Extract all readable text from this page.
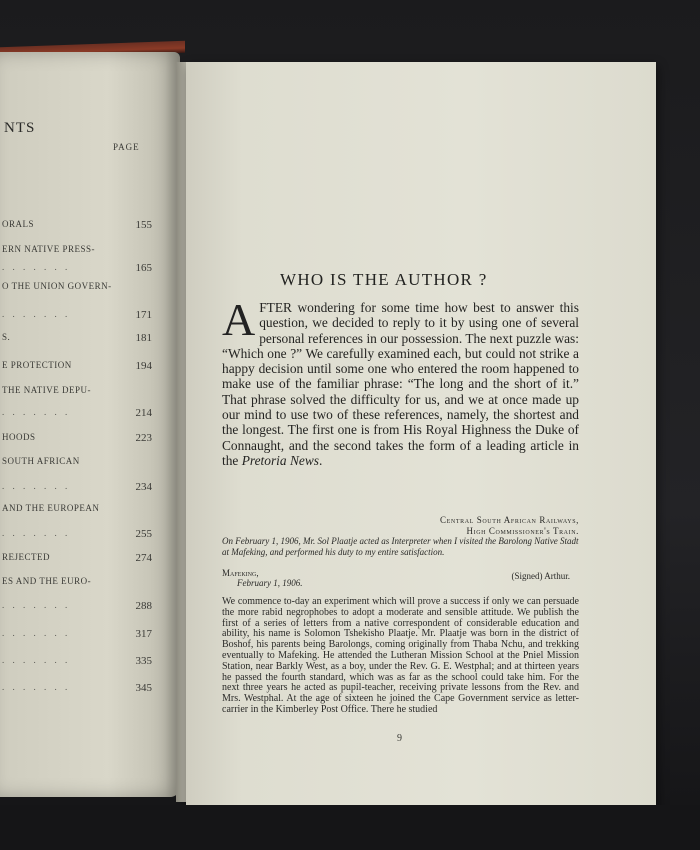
NTS
PAGE
ORALS	155
ERN NATIVE PRESS-
. . . . . . .	165
O THE UNION GOVERN-
. . . . . . .	171
S.	181
E PROTECTION	194
THE NATIVE DEPU-
. . . . . . .	214
HOODS	223
SOUTH AFRICAN
. . . . . . .	234
AND THE EUROPEAN
. . . . . . .	255
REJECTED	274
ES AND THE EURO-
. . . . . . .	288
. . . . . . .	317
. . . . . . .	335
. . . . . . .	345
WHO IS THE AUTHOR ?

AFTER wondering for some time how best to answer this question, we decided to reply to it by using one of several personal references in our possession. The next puzzle was: “Which one ?” We carefully examined each, but could not strike a happy decision until some one who entered the room happened to make use of the familiar phrase: “The long and the short of it.” That phrase solved the difficulty for us, and we at once made up our mind to use two of these references, namely, the shortest and the longest. The first one is from His Royal Highness the Duke of Connaught, and the second takes the form of a leading article in the Pretoria News.

Central South African Railways,
High Commissioner's Train.
On February 1, 1906, Mr. Sol Plaatje acted as Interpreter when I visited the Barolong Native Stadt at Mafeking, and performed his duty to my entire satisfaction.
Mafeking,
February 1, 1906.
(Signed) Arthur.

We commence to-day an experiment which will prove a success if only we can persuade the more rabid negrophobes to adopt a moderate and sensible attitude. We publish the first of a series of letters from a native correspondent of considerable education and ability, his name is Solomon Tshekisho Plaatje. Mr. Plaatje was born in the district of Boshof, his parents being Barolongs, coming originally from Thaba Nchu, and trekking eventually to Mafeking. He attended the Lutheran Mission School at the Pniel Mission Station, near Barkly West, as a boy, under the Rev. G. E. Westphal; and at thirteen years he passed the fourth standard, which was as far as the school could take him. For the next three years he acted as pupil-teacher, receiving private lessons from the Rev. and Mrs. Westphal. At the age of sixteen he joined the Cape Government service as letter-carrier in the Kimberley Post Office. There he studied

9
